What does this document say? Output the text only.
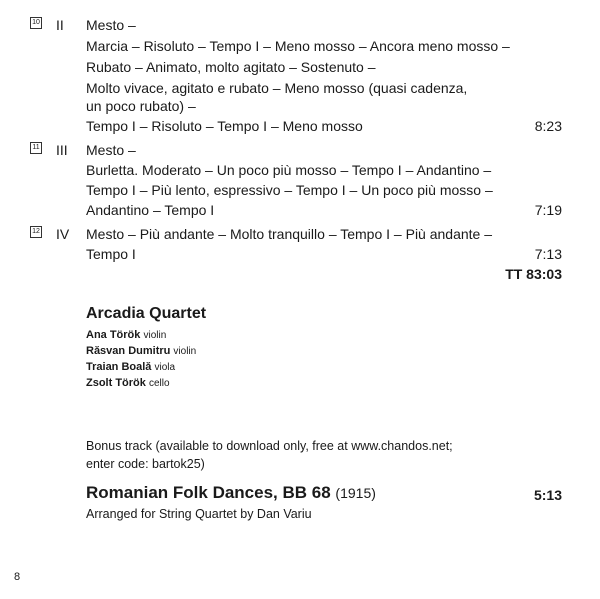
10 II Mesto –
Marcia – Risoluto – Tempo I – Meno mosso – Ancora meno mosso –
Rubato – Animato, molto agitato – Sostenuto –
Molto vivace, agitato e rubato – Meno mosso (quasi cadenza,
un poco rubato) –
Tempo I – Risoluto – Tempo I – Meno mosso	8:23
11 III Mesto –
Burletta. Moderato – Un poco più mosso – Tempo I – Andantino –
Tempo I – Più lento, espressivo – Tempo I – Un poco più mosso –
Andantino – Tempo I	7:19
12 IV Mesto – Più andante – Molto tranquillo – Tempo I – Più andante –
Tempo I	7:13
TT 83:03
Arcadia Quartet
Ana Török violin
Răsvan Dumitru violin
Traian Boală viola
Zsolt Török cello
Bonus track (available to download only, free at www.chandos.net;
enter code: bartok25)
Romanian Folk Dances, BB 68 (1915)	5:13
Arranged for String Quartet by Dan Variu
8
